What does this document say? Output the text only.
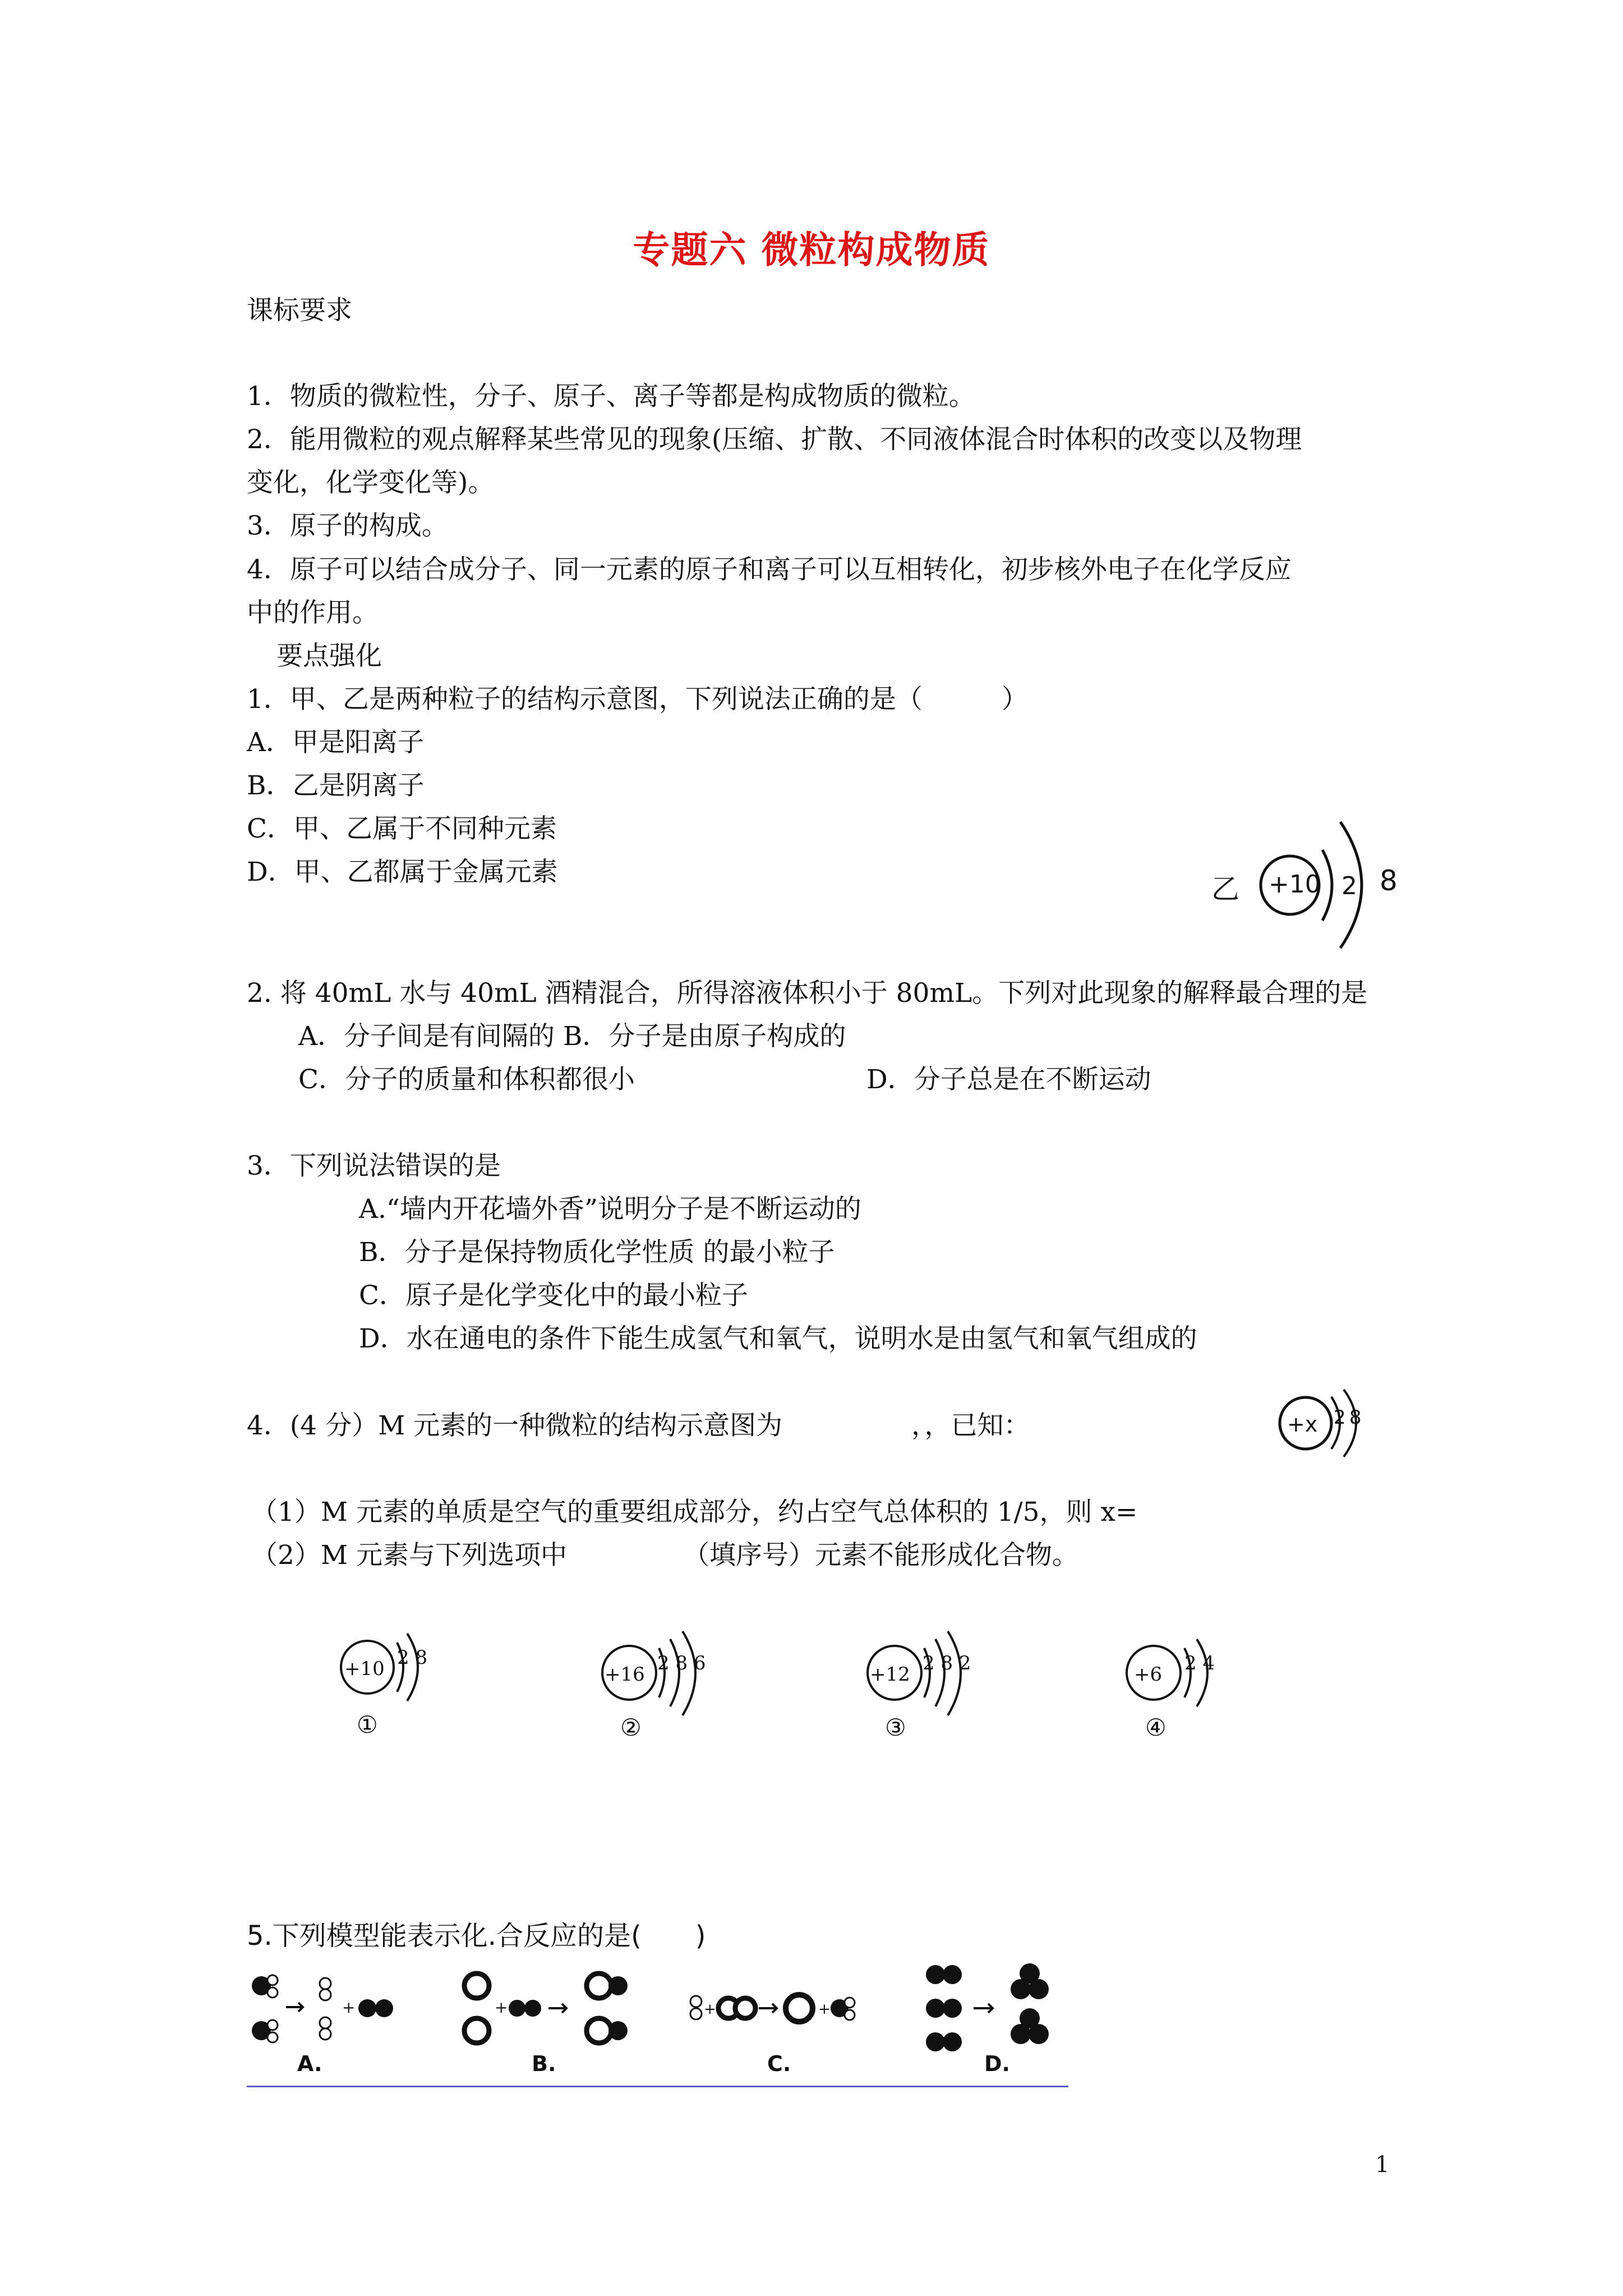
专题六 微粒构成物质
课标要求
1．物质的微粒性，分子、原子、离子等都是构成物质的微粒。
2．能用微粒的观点解释某些常见的现象(压缩、扩散、不同液体混合时体积的改变以及物理
变化，化学变化等)。
3．原子的构成。
4．原子可以结合成分子、同一元素的原子和离子可以互相转化，初步核外电子在化学反应
中的作用。
要点强化
1．甲、乙是两种粒子的结构示意图，下列说法正确的是（　　　）
A．甲是阳离子
B．乙是阴离子
C．甲、乙属于不同种元素
D．甲、乙都属于金属元素
乙 +10 2 8
2. 将 40mL 水与 40mL 酒精混合，所得溶液体积小于 80mL。下列对此现象的解释最合理的是
A．分子间是有间隔的 B．分子是由原子构成的
C．分子的质量和体积都很小	D．分子总是在不断运动
3．下列说法错误的是
A.“墙内开花墙外香”说明分子是不断运动的
B．分子是保持物质化学性质 的最小粒子
C．原子是化学变化中的最小粒子
D．水在通电的条件下能生成氢气和氧气，说明水是由氢气和氧气组成的
4．(4 分）M 元素的一种微粒的结构示意图为	，，已知：	+x 2 8
（1）M 元素的单质是空气的重要组成部分，约占空气总体积的 1/5，则 x=
（2）M 元素与下列选项中	（填序号）元素不能形成化合物。
+10 2 8
①
+16 2 8 6
②
+12 2 8 2
③
+6 2 4
④
5.下列模型能表示化.合反应的是(　　)
+
A.
+
B.
+	+
C.	D.
1
